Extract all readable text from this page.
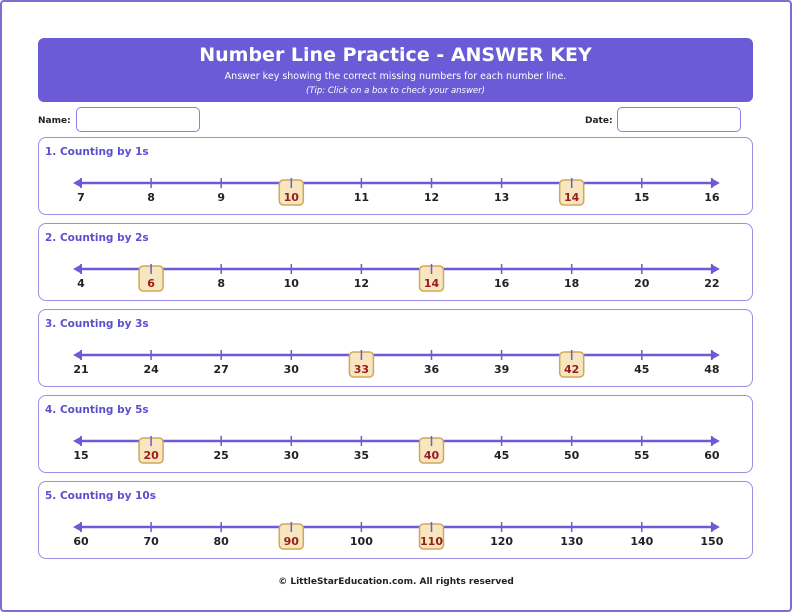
Number Line Practice - ANSWER KEY
Answer key showing the correct missing numbers for each number line.
(Tip: Click on a box to check your answer)
Name:	Date:
1. Counting by 1s
7	8	9	10	11	12	13	14	15	16
2. Counting by 2s
4	6	8	10	12	14	16	18	20	22
3. Counting by 3s
21	24	27	30	33	36	39	42	45	48
4. Counting by 5s
15	20	25	30	35	40	45	50	55	60
5. Counting by 10s
60	70	80	90	100	110	120	130	140	150
© LittleStarEducation.com. All rights reserved
